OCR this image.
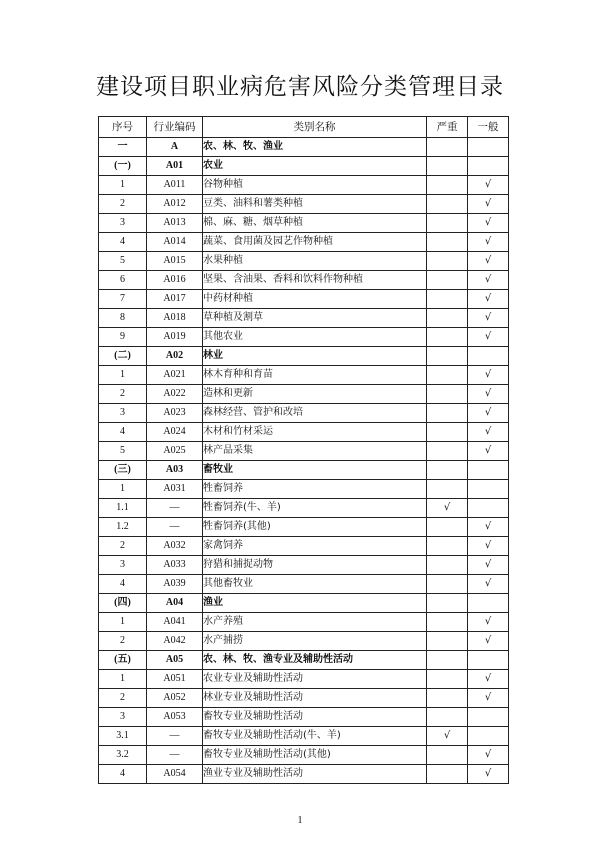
建设项目职业病危害风险分类管理目录
序号	行业编码	类别名称	严重	一般
一	A	农、林、牧、渔业		
(一)	A01	农业		
1	A011	谷物种植		√
2	A012	豆类、油料和薯类种植		√
3	A013	棉、麻、糖、烟草种植		√
4	A014	蔬菜、食用菌及园艺作物种植		√
5	A015	水果种植		√
6	A016	坚果、含油果、香料和饮料作物种植		√
7	A017	中药材种植		√
8	A018	草种植及割草		√
9	A019	其他农业		√
(二)	A02	林业		
1	A021	林木育种和育苗		√
2	A022	造林和更新		√
3	A023	森林经营、管护和改培		√
4	A024	木材和竹材采运		√
5	A025	林产品采集		√
(三)	A03	畜牧业		
1	A031	牲畜饲养		
1.1	—	牲畜饲养(牛、羊)	√	
1.2	—	牲畜饲养(其他)		√
2	A032	家禽饲养		√
3	A033	狩猎和捕捉动物		√
4	A039	其他畜牧业		√
(四)	A04	渔业		
1	A041	水产养殖		√
2	A042	水产捕捞		√
(五)	A05	农、林、牧、渔专业及辅助性活动		
1	A051	农业专业及辅助性活动		√
2	A052	林业专业及辅助性活动		√
3	A053	畜牧专业及辅助性活动		
3.1	—	畜牧专业及辅助性活动(牛、羊)	√	
3.2	—	畜牧专业及辅助性活动(其他)		√
4	A054	渔业专业及辅助性活动		√
1
